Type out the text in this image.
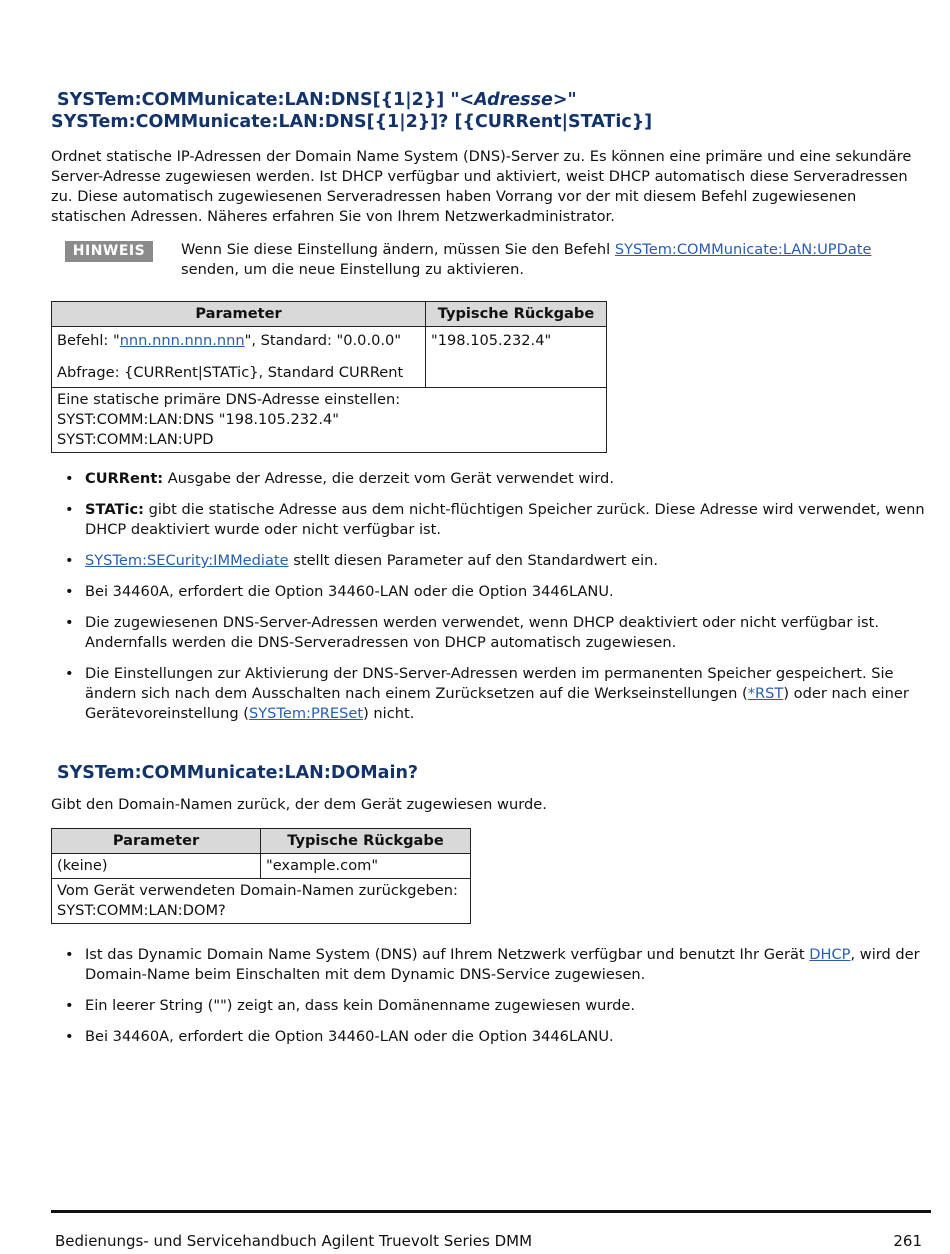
SYSTem:COMMunicate:LAN:DNS[{1|2}] "<Adresse>"
SYSTem:COMMunicate:LAN:DNS[{1|2}]? [{CURRent|STATic}]

Ordnet statische IP-Adressen der Domain Name System (DNS)-Server zu. Es können eine primäre und eine sekundäre Server-Adresse zugewiesen werden. Ist DHCP verfügbar und aktiviert, weist DHCP automatisch diese Serveradressen zu. Diese automatisch zugewiesenen Serveradressen haben Vorrang vor der mit diesem Befehl zugewiesenen statischen Adressen. Näheres erfahren Sie von Ihrem Netzwerkadministrator.

HINWEIS	Wenn Sie diese Einstellung ändern, müssen Sie den Befehl SYSTem:COMMunicate:LAN:UPDate senden, um die neue Einstellung zu aktivieren.
Parameter	Typische Rückgabe

Befehl: "nnn.nnn.nnn.nnn", Standard: "0.0.0.0"
Abfrage: {CURRent|STATic}, Standard CURRent	"198.105.232.4"

Eine statische primäre DNS-Adresse einstellen:
SYST:COMM:LAN:DNS "198.105.232.4"
SYST:COMM:LAN:UPD	
• CURRent: Ausgabe der Adresse, die derzeit vom Gerät verwendet wird.
• STATic: gibt die statische Adresse aus dem nicht-flüchtigen Speicher zurück. Diese Adresse wird verwendet, wenn DHCP deaktiviert wurde oder nicht verfügbar ist.
• SYSTem:SECurity:IMMediate stellt diesen Parameter auf den Standardwert ein.
• Bei 34460A, erfordert die Option 34460-LAN oder die Option 3446LANU.
• Die zugewiesenen DNS-Server-Adressen werden verwendet, wenn DHCP deaktiviert oder nicht verfügbar ist. Andernfalls werden die DNS-Serveradressen von DHCP automatisch zugewiesen.
• Die Einstellungen zur Aktivierung der DNS-Server-Adressen werden im permanenten Speicher gespeichert. Sie ändern sich nach dem Ausschalten nach einem Zurücksetzen auf die Werkseinstellungen (*RST) oder nach einer Gerätevoreinstellung (SYSTem:PRESet) nicht.
SYSTem:COMMunicate:LAN:DOMain?

Gibt den Domain-Namen zurück, der dem Gerät zugewiesen wurde.

Parameter	Typische Rückgabe
(keine)	"example.com"

Vom Gerät verwendeten Domain-Namen zurückgeben:
SYST:COMM:LAN:DOM?	
• Ist das Dynamic Domain Name System (DNS) auf Ihrem Netzwerk verfügbar und benutzt Ihr Gerät DHCP, wird der Domain-Name beim Einschalten mit dem Dynamic DNS-Service zugewiesen.
• Ein leerer String ("") zeigt an, dass kein Domänenname zugewiesen wurde.
• Bei 34460A, erfordert die Option 34460-LAN oder die Option 3446LANU.
Bedienungs- und Servicehandbuch Agilent Truevolt Series DMM	261
